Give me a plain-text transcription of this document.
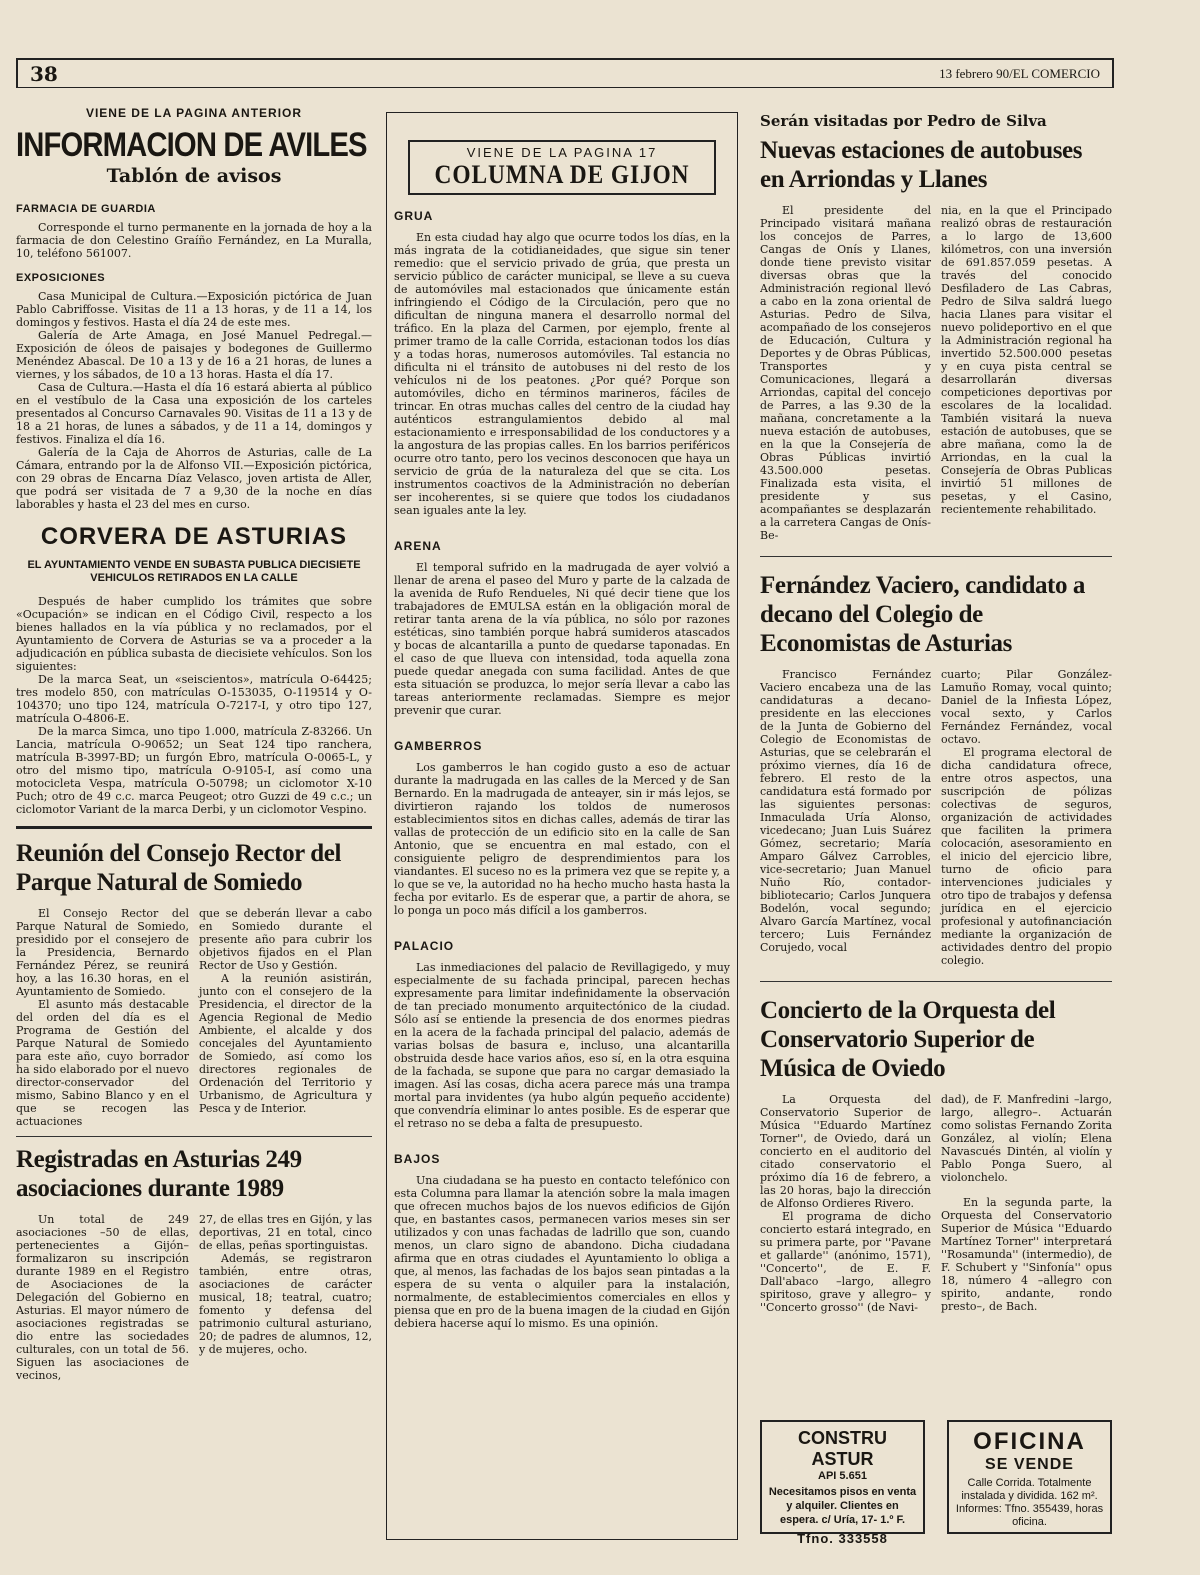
38	13 febrero 90/EL COMERCIO
VIENE DE LA PAGINA ANTERIOR
INFORMACION DE AVILES
Tablón de avisos
FARMACIA DE GUARDIA

Corresponde el turno permanente en la jornada de hoy a la farmacia de don Celestino Graíño Fernández, en La Muralla, 10, teléfono 561007.

EXPOSICIONES

Casa Municipal de Cultura.—Exposición pictórica de Juan Pablo Cabriffosse. Visitas de 11 a 13 horas, y de 11 a 14, los domingos y festivos. Hasta el día 24 de este mes.

Galería de Arte Amaga, en José Manuel Pedregal.—Exposición de óleos de paisajes y bodegones de Guillermo Menéndez Abascal. De 10 a 13 y de 16 a 21 horas, de lunes a viernes, y los sábados, de 10 a 13 horas. Hasta el día 17.

Casa de Cultura.—Hasta el día 16 estará abierta al público en el vestíbulo de la Casa una exposición de los carteles presentados al Concurso Carnavales 90. Visitas de 11 a 13 y de 18 a 21 horas, de lunes a sábados, y de 11 a 14, domingos y festivos. Finaliza el día 16.

Galería de la Caja de Ahorros de Asturias, calle de La Cámara, entrando por la de Alfonso VII.—Exposición pictórica, con 29 obras de Encarna Díaz Velasco, joven artista de Aller, que podrá ser visitada de 7 a 9,30 de la noche en días laborables y hasta el 23 del mes en curso.

CORVERA DE ASTURIAS
EL AYUNTAMIENTO VENDE EN SUBASTA PUBLICA DIECISIETE VEHICULOS RETIRADOS EN LA CALLE

Después de haber cumplido los trámites que sobre «Ocupación» se indican en el Código Civil, respecto a los bienes hallados en la vía pública y no reclamados, por el Ayuntamiento de Corvera de Asturias se va a proceder a la adjudicación en pública subasta de diecisiete vehículos. Son los siguientes:

De la marca Seat, un «seiscientos», matrícula O-64425; tres modelo 850, con matrículas O-153035, O-119514 y O-104370; uno tipo 124, matrícula O-7217-I, y otro tipo 127, matrícula O-4806-E.

De la marca Simca, uno tipo 1.000, matrícula Z-83266. Un Lancia, matrícula O-90652; un Seat 124 tipo ranchera, matrícula B-3997-BD; un furgón Ebro, matrícula O-0065-L, y otro del mismo tipo, matrícula O-9105-I, así como una motocicleta Vespa, matrícula O-50798; un ciclomotor X-10 Puch; otro de 49 c.c. marca Peugeot; otro Guzzi de 49 c.c.; un ciclomotor Variant de la marca Derbi, y un ciclomotor Vespino.

Reunión del Consejo Rector del Parque Natural de Somiedo

El Consejo Rector del Parque Natural de Somiedo, presidido por el consejero de la Presidencia, Bernardo Fernández Pérez, se reunirá hoy, a las 16.30 horas, en el Ayuntamiento de Somiedo.

El asunto más destacable del orden del día es el Programa de Gestión del Parque Natural de Somiedo para este año, cuyo borrador ha sido elaborado por el nuevo director-conservador del mismo, Sabino Blanco y en el que se recogen las actuaciones

que se deberán llevar a cabo en Somiedo durante el presente año para cubrir los objetivos fijados en el Plan Rector de Uso y Gestión.

A la reunión asistirán, junto con el consejero de la Presidencia, el director de la Agencia Regional de Medio Ambiente, el alcalde y dos concejales del Ayuntamiento de Somiedo, así como los directores regionales de Ordenación del Territorio y Urbanismo, de Agricultura y Pesca y de Interior.

Registradas en Asturias 249 asociaciones durante 1989

Un total de 249 asociaciones –50 de ellas, pertenecientes a Gijón– formalizaron su inscripción durante 1989 en el Registro de Asociaciones de la Delegación del Gobierno en Asturias. El mayor número de asociaciones registradas se dio entre las sociedades culturales, con un total de 56. Siguen las asociaciones de vecinos,

27, de ellas tres en Gijón, y las deportivas, 21 en total, cinco de ellas, peñas sportinguistas.

Además, se registraron también, entre otras, asociaciones de carácter musical, 18; teatral, cuatro; fomento y defensa del patrimonio cultural asturiano, 20; de padres de alumnos, 12, y de mujeres, ocho.

VIENE DE LA PAGINA 17
COLUMNA DE GIJON
GRUA

En esta ciudad hay algo que ocurre todos los días, en la más ingrata de la cotidianeidades, que sigue sin tener remedio: que el servicio privado de grúa, que presta un servicio público de carácter municipal, se lleve a su cueva de automóviles mal estacionados que únicamente están infringiendo el Código de la Circulación, pero que no dificultan de ninguna manera el desarrollo normal del tráfico. En la plaza del Carmen, por ejemplo, frente al primer tramo de la calle Corrida, estacionan todos los días y a todas horas, numerosos automóviles. Tal estancia no dificulta ni el tránsito de autobuses ni del resto de los vehículos ni de los peatones. ¿Por qué? Porque son automóviles, dicho en términos marineros, fáciles de trincar. En otras muchas calles del centro de la ciudad hay auténticos estrangulamientos debido al mal estacionamiento e irresponsabilidad de los conductores y a la angostura de las propias calles. En los barrios periféricos ocurre otro tanto, pero los vecinos desconocen que haya un servicio de grúa de la naturaleza del que se cita. Los instrumentos coactivos de la Administración no deberían ser incoherentes, si se quiere que todos los ciudadanos sean iguales ante la ley.

ARENA

El temporal sufrido en la madrugada de ayer volvió a llenar de arena el paseo del Muro y parte de la calzada de la avenida de Rufo Rendueles, Ni qué decir tiene que los trabajadores de EMULSA están en la obligación moral de retirar tanta arena de la vía pública, no sólo por razones estéticas, sino también porque habrá sumideros atascados y bocas de alcantarilla a punto de quedarse taponadas. En el caso de que llueva con intensidad, toda aquella zona puede quedar anegada con suma facilidad. Antes de que esta situación se produzca, lo mejor sería llevar a cabo las tareas anteriormente reclamadas. Siempre es mejor prevenir que curar.

GAMBERROS

Los gamberros le han cogido gusto a eso de actuar durante la madrugada en las calles de la Merced y de San Bernardo. En la madrugada de anteayer, sin ir más lejos, se divirtieron rajando los toldos de numerosos establecimientos sitos en dichas calles, además de tirar las vallas de protección de un edificio sito en la calle de San Antonio, que se encuentra en mal estado, con el consiguiente peligro de desprendimientos para los viandantes. El suceso no es la primera vez que se repite y, a lo que se ve, la autoridad no ha hecho mucho hasta hasta la fecha por evitarlo. Es de esperar que, a partir de ahora, se lo ponga un poco más difícil a los gamberros.

PALACIO

Las inmediaciones del palacio de Revillagigedo, y muy especialmente de su fachada principal, parecen hechas expresamente para limitar indefinidamente la observación de tan preciado monumento arquitectónico de la ciudad. Sólo así se entiende la presencia de dos enormes piedras en la acera de la fachada principal del palacio, además de varias bolsas de basura e, incluso, una alcantarilla obstruida desde hace varios años, eso sí, en la otra esquina de la fachada, se supone que para no cargar demasiado la imagen. Así las cosas, dicha acera parece más una trampa mortal para invidentes (ya hubo algún pequeño accidente) que convendría eliminar lo antes posible. Es de esperar que el retraso no se deba a falta de presupuesto.

BAJOS

Una ciudadana se ha puesto en contacto telefónico con esta Columna para llamar la atención sobre la mala imagen que ofrecen muchos bajos de los nuevos edificios de Gijón que, en bastantes casos, permanecen varios meses sin ser utilizados y con unas fachadas de ladrillo que son, cuando menos, un claro signo de abandono. Dicha ciudadana afirma que en otras ciudades el Ayuntamiento lo obliga a que, al menos, las fachadas de los bajos sean pintadas a la espera de su venta o alquiler para la instalación, normalmente, de establecimientos comerciales en ellos y piensa que en pro de la buena imagen de la ciudad en Gijón debiera hacerse aquí lo mismo. Es una opinión.

Serán visitadas por Pedro de Silva
Nuevas estaciones de autobuses en Arriondas y Llanes

El presidente del Principado visitará mañana los concejos de Parres, Cangas de Onís y Llanes, donde tiene previsto visitar diversas obras que la Administración regional llevó a cabo en la zona oriental de Asturias. Pedro de Silva, acompañado de los consejeros de Educación, Cultura y Deportes y de Obras Públicas, Transportes y Comunicaciones, llegará a Arriondas, capital del concejo de Parres, a las 9.30 de la mañana, concretamente a la nueva estación de autobuses, en la que la Consejería de Obras Públicas invirtió 43.500.000 pesetas. Finalizada esta visita, el presidente y sus acompañantes se desplazarán a la carretera Cangas de Onís-Be-

nia, en la que el Principado realizó obras de restauración a lo largo de 13,600 kilómetros, con una inversión de 691.857.059 pesetas. A través del conocido Desfiladero de Las Cabras, Pedro de Silva saldrá luego hacia Llanes para visitar el nuevo polideportivo en el que la Administración regional ha invertido 52.500.000 pesetas y en cuya pista central se desarrollarán diversas competiciones deportivas por escolares de la localidad. También visitará la nueva estación de autobuses, que se abre mañana, como la de Arriondas, en la cual la Consejería de Obras Publicas invirtió 51 millones de pesetas, y el Casino, recientemente rehabilitado.

Fernández Vaciero, candidato a decano del Colegio de Economistas de Asturias

Francisco Fernández Vaciero encabeza una de las candidaturas a decano-presidente en las elecciones de la Junta de Gobierno del Colegio de Economistas de Asturias, que se celebrarán el próximo viernes, día 16 de febrero. El resto de la candidatura está formado por las siguientes personas: Inmaculada Uría Alonso, vicedecano; Juan Luis Suárez Gómez, secretario; María Amparo Gálvez Carrobles, vice-secretario; Juan Manuel Nuño Río, contador-bibliotecario; Carlos Junquera Bodelón, vocal segundo; Alvaro García Martínez, vocal tercero; Luis Fernández Corujedo, vocal

cuarto; Pilar González-Lamuño Romay, vocal quinto; Daniel de la Infiesta López, vocal sexto, y Carlos Fernández Fernández, vocal octavo.

El programa electoral de dicha candidatura ofrece, entre otros aspectos, una suscripción de pólizas colectivas de seguros, organización de actividades que faciliten la primera colocación, asesoramiento en el inicio del ejercicio libre, turno de oficio para intervenciones judiciales y otro tipo de trabajos y defensa jurídica en el ejercicio profesional y autofinanciación mediante la organización de actividades dentro del propio colegio.

Concierto de la Orquesta del Conservatorio Superior de Música de Oviedo

La Orquesta del Conservatorio Superior de Música ''Eduardo Martínez Torner'', de Oviedo, dará un concierto en el auditorio del citado conservatorio el próximo día 16 de febrero, a las 20 horas, bajo la dirección de Alfonso Ordieres Rivero.

El programa de dicho concierto estará integrado, en su primera parte, por ''Pavane et gallarde'' (anónimo, 1571), ''Concerto'', de E. F. Dall'abaco –largo, allegro spiritoso, grave y allegro– y ''Concerto grosso'' (de Navi-

dad), de F. Manfredini –largo, largo, allegro–. Actuarán como solistas Fernando Zorita González, al violín; Elena Navascués Dintén, al violín y Pablo Ponga Suero, al violonchelo.

En la segunda parte, la Orquesta del Conservatorio Superior de Música ''Eduardo Martínez Torner'' interpretará ''Rosamunda'' (intermedio), de F. Schubert y ''Sinfonía'' opus 18, número 4 –allegro con spirito, andante, rondo presto–, de Bach.

CONSTRU ASTUR
API 5.651
Necesitamos pisos en venta y alquiler. Clientes en espera. c/ Uría, 17- 1.º F.
Tfno. 333558
OFICINA
SE VENDE
Calle Corrida. Totalmente instalada y dividida. 162 m². Informes: Tfno. 355439, horas oficina.
